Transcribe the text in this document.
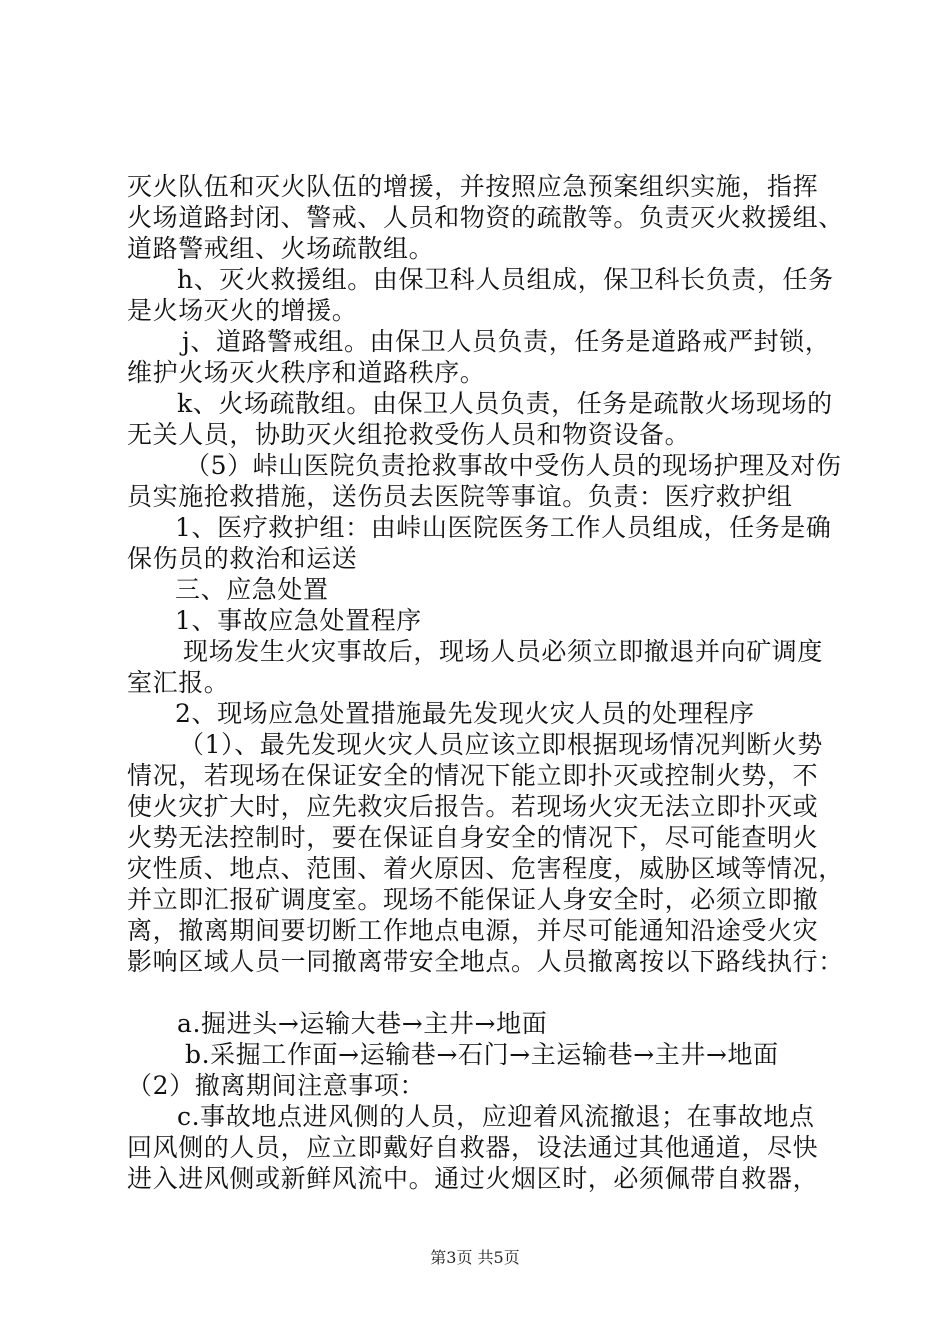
灭火队伍和灭火队伍的增援，并按照应急预案组织实施，指挥
火场道路封闭、警戒、人员和物资的疏散等。负责灭火救援组、
道路警戒组、火场疏散组。
h、灭火救援组。由保卫科人员组成，保卫科长负责，任务
是火场灭火的增援。
j、道路警戒组。由保卫人员负责，任务是道路戒严封锁，
维护火场灭火秩序和道路秩序。
k、火场疏散组。由保卫人员负责，任务是疏散火场现场的
无关人员，协助灭火组抢救受伤人员和物资设备。
（5）峠山医院负责抢救事故中受伤人员的现场护理及对伤
员实施抢救措施，送伤员去医院等事谊。负责：医疗救护组
1、医疗救护组：由峠山医院医务工作人员组成，任务是确
保伤员的救治和运送
三、应急处置
1、事故应急处置程序
现场发生火灾事故后，现场人员必须立即撤退并向矿调度
室汇报。
2、现场应急处置措施最先发现火灾人员的处理程序
（1）、最先发现火灾人员应该立即根据现场情况判断火势
情况，若现场在保证安全的情况下能立即扑灭或控制火势，不
使火灾扩大时，应先救灾后报告。若现场火灾无法立即扑灭或
火势无法控制时，要在保证自身安全的情况下，尽可能查明火
灾性质、地点、范围、着火原因、危害程度，威胁区域等情况，
并立即汇报矿调度室。现场不能保证人身安全时，必须立即撤
离，撤离期间要切断工作地点电源，并尽可能通知沿途受火灾
影响区域人员一同撤离带安全地点。人员撤离按以下路线执行：
a.掘进头→运输大巷→主井→地面
b.采掘工作面→运输巷→石门→主运输巷→主井→地面
（2）撤离期间注意事项：
c.事故地点进风侧的人员，应迎着风流撤退；在事故地点
回风侧的人员，应立即戴好自救器，设法通过其他通道，尽快
进入进风侧或新鲜风流中。通过火烟区时，必须佩带自救器，
第3页 共5页
